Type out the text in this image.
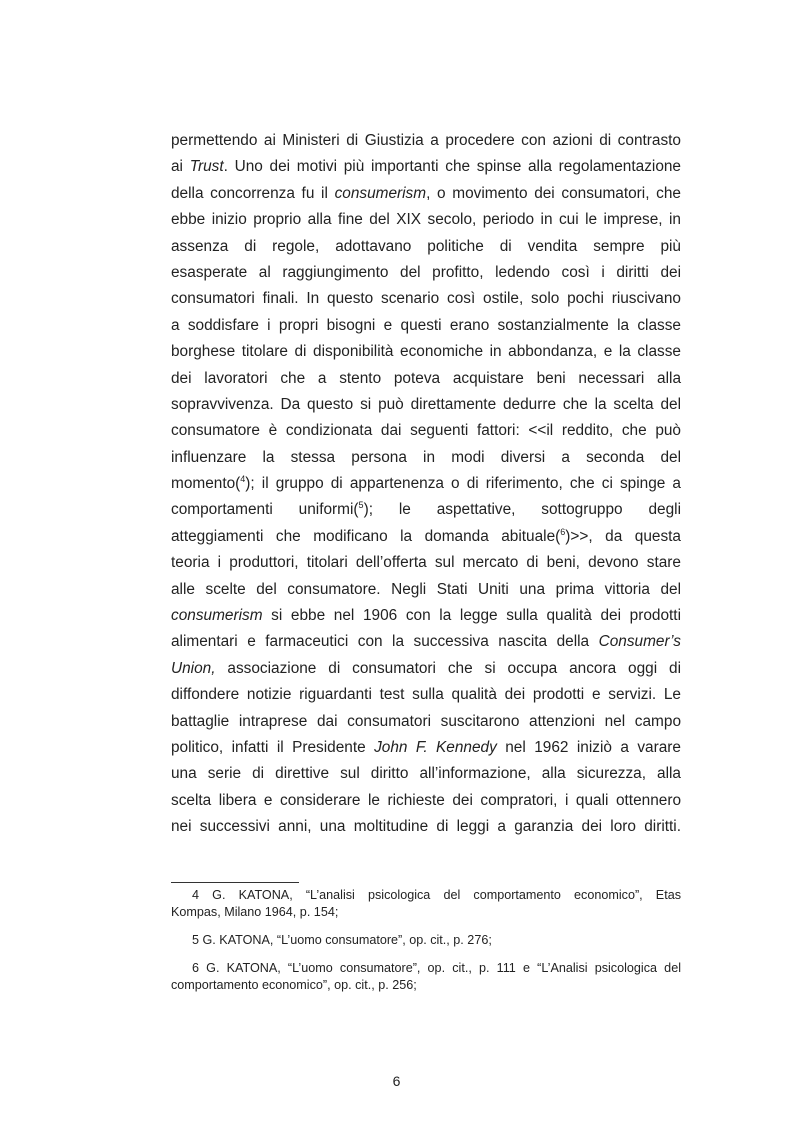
permettendo ai Ministeri di Giustizia a procedere con azioni di contrasto
ai Trust. Uno dei motivi più importanti che spinse alla regolamentazione
della concorrenza fu il consumerism, o movimento dei consumatori, che
ebbe inizio proprio alla fine del XIX secolo, periodo in cui le imprese, in
assenza di regole, adottavano politiche di vendita sempre più
esasperate al raggiungimento del profitto, ledendo così i diritti dei
consumatori finali. In questo scenario così ostile, solo pochi riuscivano
a soddisfare i propri bisogni e questi erano sostanzialmente la classe
borghese titolare di disponibilità economiche in abbondanza, e la classe
dei lavoratori che a stento poteva acquistare beni necessari alla
sopravvivenza. Da questo si può direttamente dedurre che la scelta del
consumatore è condizionata dai seguenti fattori: <<il reddito, che può
influenzare la stessa persona in modi diversi a seconda del
momento($^4$); il gruppo di appartenenza o di riferimento, che ci spinge a
comportamenti uniformi($^5$); le aspettative, sottogruppo degli
atteggiamenti che modificano la domanda abituale($^6$)>>, da questa
teoria i produttori, titolari dell’offerta sul mercato di beni, devono stare
alle scelte del consumatore. Negli Stati Uniti una prima vittoria del
consumerism si ebbe nel 1906 con la legge sulla qualità dei prodotti
alimentari e farmaceutici con la successiva nascita della Consumer’s
Union, associazione di consumatori che si occupa ancora oggi di
diffondere notizie riguardanti test sulla qualità dei prodotti e servizi. Le
battaglie intraprese dai consumatori suscitarono attenzioni nel campo
politico, infatti il Presidente John F. Kennedy nel 1962 iniziò a varare
una serie di direttive sul diritto all’informazione, alla sicurezza, alla
scelta libera e considerare le richieste dei compratori, i quali ottennero
nei successivi anni, una moltitudine di leggi a garanzia dei loro diritti.
4 G. KATONA, “L’analisi psicologica del comportamento economico”, Etas
Kompas, Milano 1964, p. 154;
5 G. KATONA, “L’uomo consumatore”, op. cit., p. 276;
6 G. KATONA, “L’uomo consumatore”, op. cit., p. 111 e “L’Analisi psicologica del
comportamento economico”, op. cit., p. 256;
6
